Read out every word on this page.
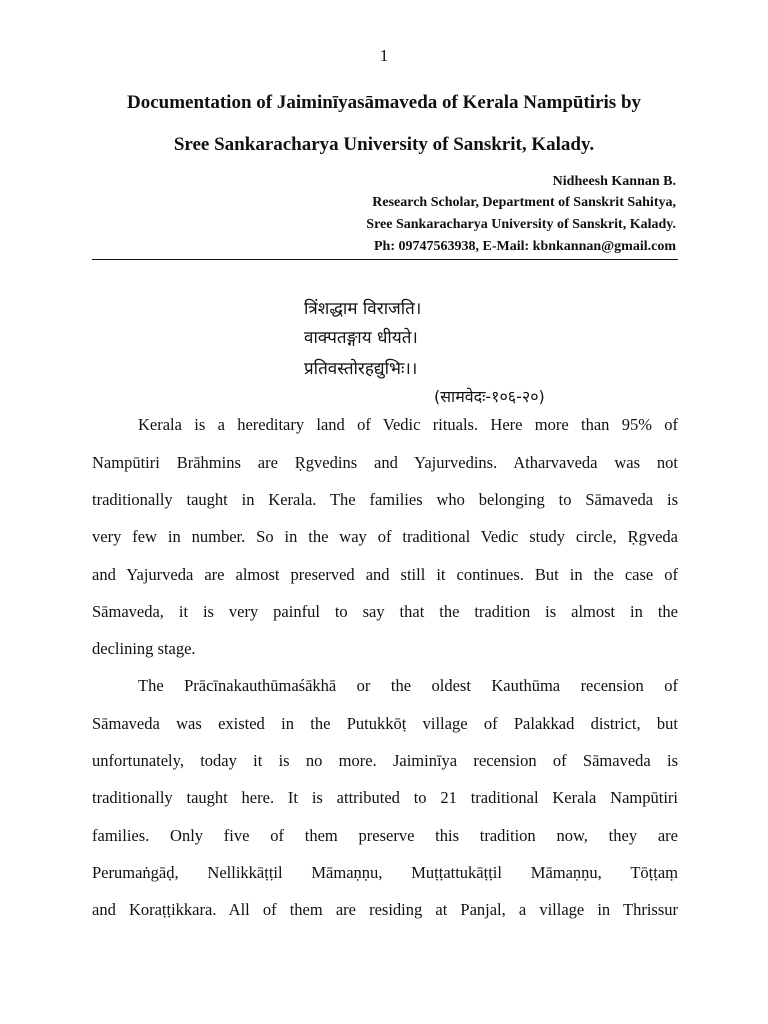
1
Documentation of Jaiminīyasāmaveda of Kerala Nampūtiris by
Sree Sankaracharya University of Sanskrit, Kalady.
Nidheesh Kannan B.
Research Scholar, Department of Sanskrit Sahitya,
Sree Sankaracharya University of Sanskrit, Kalady.
Ph: 09747563938, E-Mail: kbnkannan@gmail.com
त्रिंशद्धाम विराजति।
वाक्पतङ्गाय धीयते।
प्रतिवस्तोरहद्युभिः।।
(सामवेदः-१०६-२०)
Kerala is a hereditary land of Vedic rituals. Here more than 95% of
Nampūtiri Brāhmins are Ṛgvedins and Yajurvedins. Atharvaveda was not
traditionally taught in Kerala. The families who belonging to Sāmaveda is
very few in number. So in the way of traditional Vedic study circle, Ṛgveda
and Yajurveda are almost preserved and still it continues. But in the case of
Sāmaveda, it is very painful to say that the tradition is almost in the
declining stage.
The Prācīnakauthūmaśākhā or the oldest Kauthūma recension of
Sāmaveda was existed in the Putukkōṭ village of Palakkad district, but
unfortunately, today it is no more. Jaiminīya recension of Sāmaveda is
traditionally taught here. It is attributed to 21 traditional Kerala Nampūtiri
families. Only five of them preserve this tradition now, they are
Perumaṅgāḍ, Nellikkāṭṭil Māmaṇṇu, Muṭṭattukāṭṭil Māmaṇṇu, Tōṭṭaṃ
and Koraṭṭikkara. All of them are residing at Panjal, a village in Thrissur
